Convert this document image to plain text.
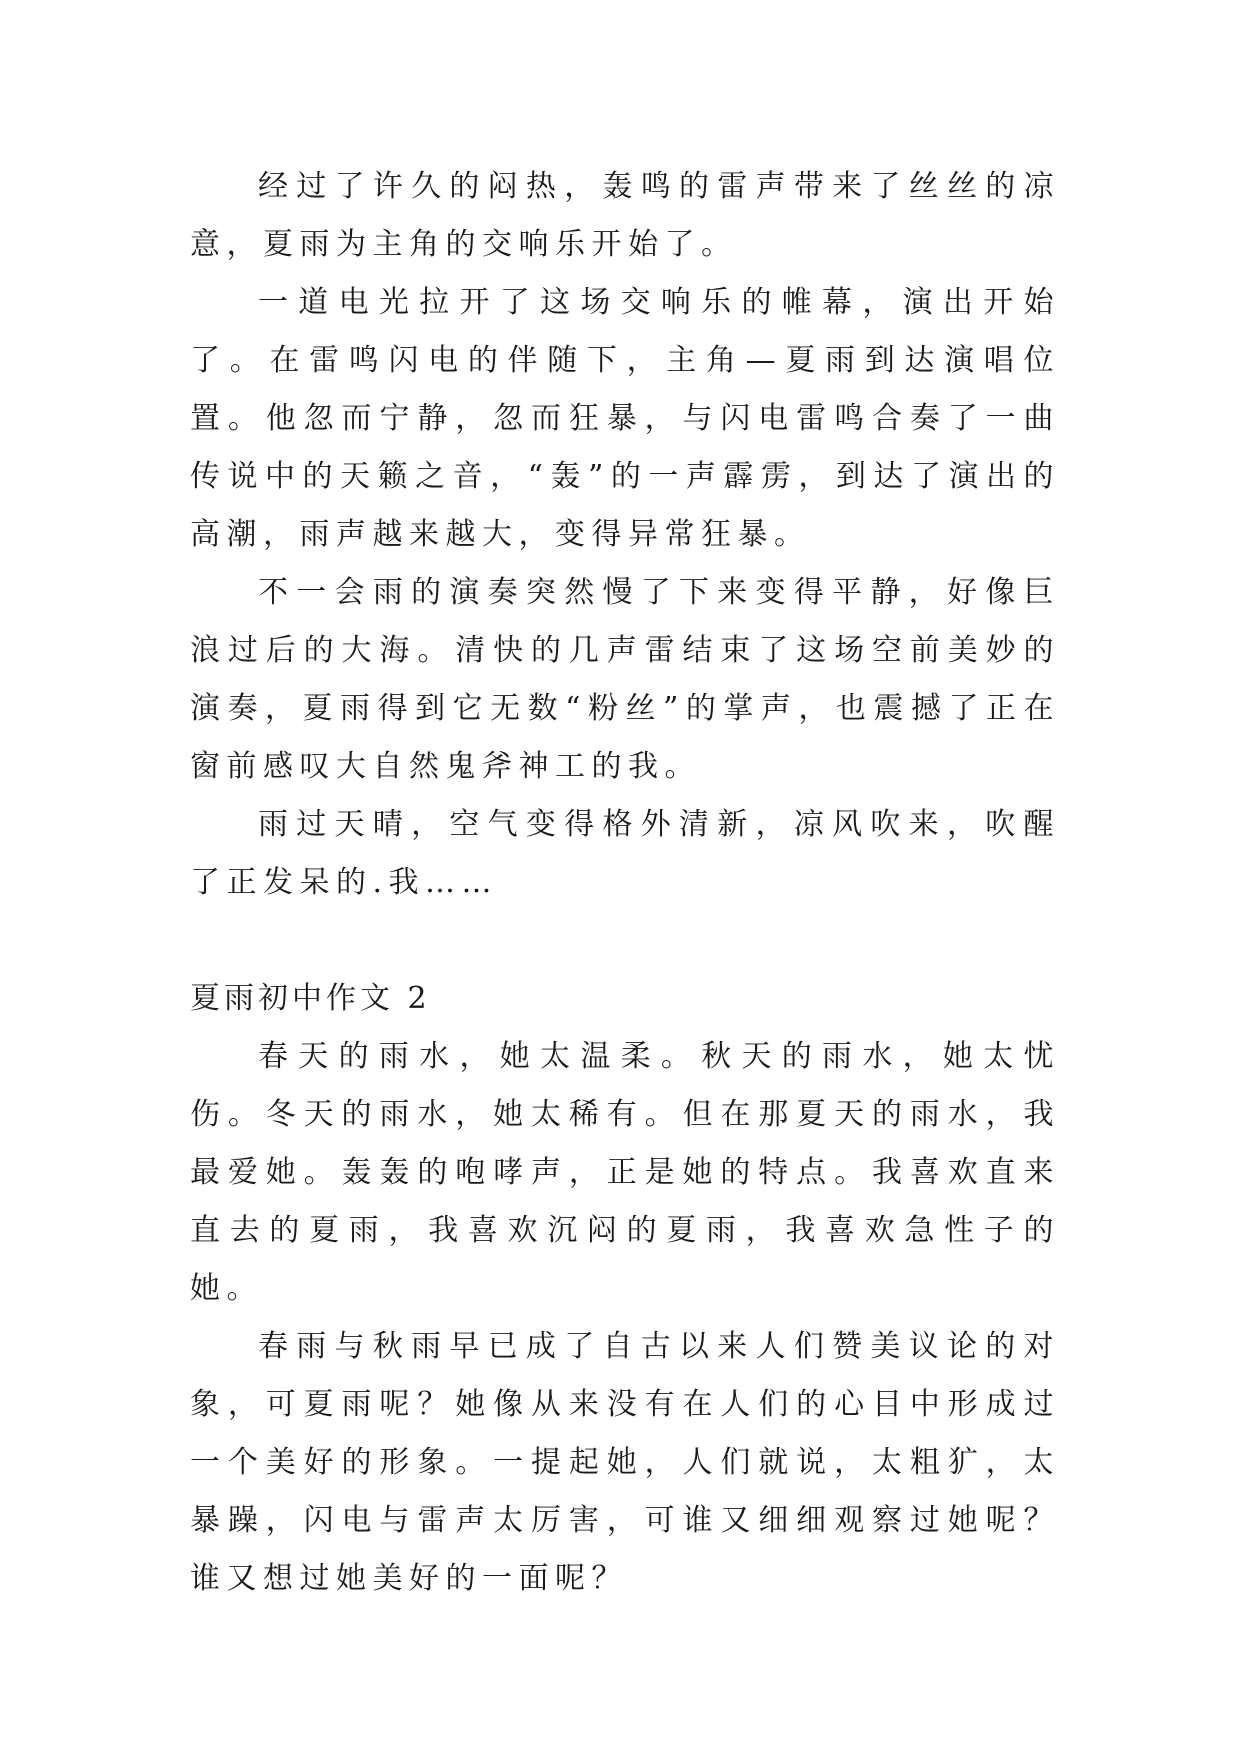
经过了许久的闷热，轰鸣的雷声带来了丝丝的凉意，夏雨为主角的交响乐开始了。

一道电光拉开了这场交响乐的帷幕，演出开始了。在雷鸣闪电的伴随下，主角—夏雨到达演唱位置。他忽而宁静，忽而狂暴，与闪电雷鸣合奏了一曲传说中的天籁之音，“轰”的一声霹雳，到达了演出的高潮，雨声越来越大，变得异常狂暴。

不一会雨的演奏突然慢了下来变得平静，好像巨浪过后的大海。清快的几声雷结束了这场空前美妙的演奏，夏雨得到它无数“粉丝”的掌声，也震撼了正在窗前感叹大自然鬼斧神工的我。

雨过天晴，空气变得格外清新，凉风吹来，吹醒了正发呆的.我……

夏雨初中作文 2

春天的雨水，她太温柔。秋天的雨水，她太忧伤。冬天的雨水，她太稀有。但在那夏天的雨水，我最爱她。轰轰的咆哮声，正是她的特点。我喜欢直来直去的夏雨，我喜欢沉闷的夏雨，我喜欢急性子的她。

春雨与秋雨早已成了自古以来人们赞美议论的对象，可夏雨呢？她像从来没有在人们的心目中形成过一个美好的形象。一提起她，人们就说，太粗犷，太暴躁，闪电与雷声太厉害，可谁又细细观察过她呢？谁又想过她美好的一面呢？
